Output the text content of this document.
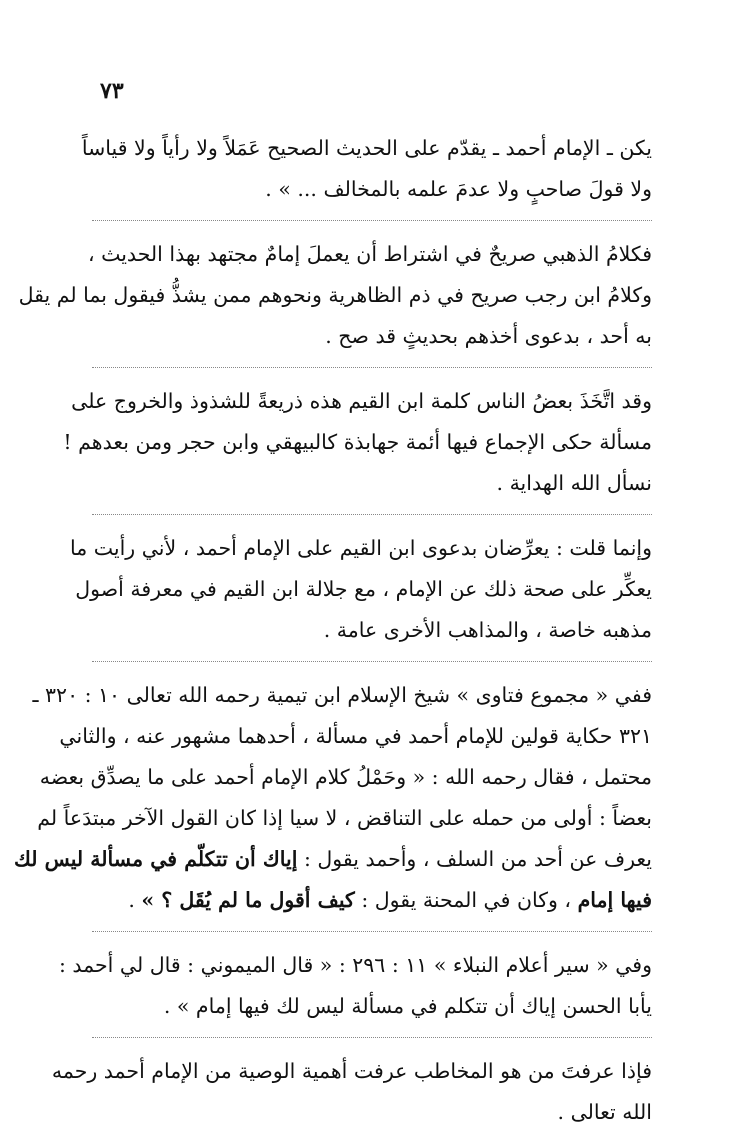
٧٣
يكن ـ الإمام أحمد ـ يقدّم على الحديث الصحيح عَمَلاً ولا رأياً ولا قياساً
ولا قولَ صاحبٍ ولا عدمَ علمه بالمخالف ... » .
فكلامُ الذهبي صريحٌ في اشتراط أن يعملَ إمامٌ مجتهد بهذا الحديث ،
وكلامُ ابن رجب صريح في ذم الظاهرية ونحوهم ممن يشذُّ فيقول بما لم يقل
به أحد ، بدعوى أخذهم بحديثٍ قد صح .
وقد اتَّخَذَ بعضُ الناس كلمة ابن القيم هذه ذريعةً للشذوذ والخروج على
مسألة حكى الإجماع فيها أئمة جهابذة كالبيهقي وابن حجر ومن بعدهم !
نسأل الله الهداية .
وإنما قلت : يعرِّضان بدعوى ابن القيم على الإمام أحمد ، لأني رأيت ما
يعكِّر على صحة ذلك عن الإمام ، مع جلالة ابن القيم في معرفة أصول
مذهبه خاصة ، والمذاهب الأخرى عامة .
ففي « مجموع فتاوى » شيخ الإسلام ابن تيمية رحمه الله تعالى ١٠ : ٣٢٠ ـ
٣٢١ حكاية قولين للإمام أحمد في مسألة ، أحدهما مشهور عنه ، والثاني
محتمل ، فقال رحمه الله : « وحَمْلُ كلام الإمام أحمد على ما يصدِّق بعضه
بعضاً : أولى من حمله على التناقض ، لا سيا إذا كان القول الآخر مبتدَعاً لم
يعرف عن أحد من السلف ، وأحمد يقول : إياك أن تتكلّم في مسألة ليس لك
فيها إمام ، وكان في المحنة يقول : كيف أقول ما لم يُقَل ؟ » .
وفي « سير أعلام النبلاء » ١١ : ٢٩٦ : « قال الميموني : قال لي أحمد :
يأبا الحسن إياك أن تتكلم في مسألة ليس لك فيها إمام » .
فإذا عرفتَ من هو المخاطب عرفت أهمية الوصية من الإمام أحمد رحمه
الله تعالى .
